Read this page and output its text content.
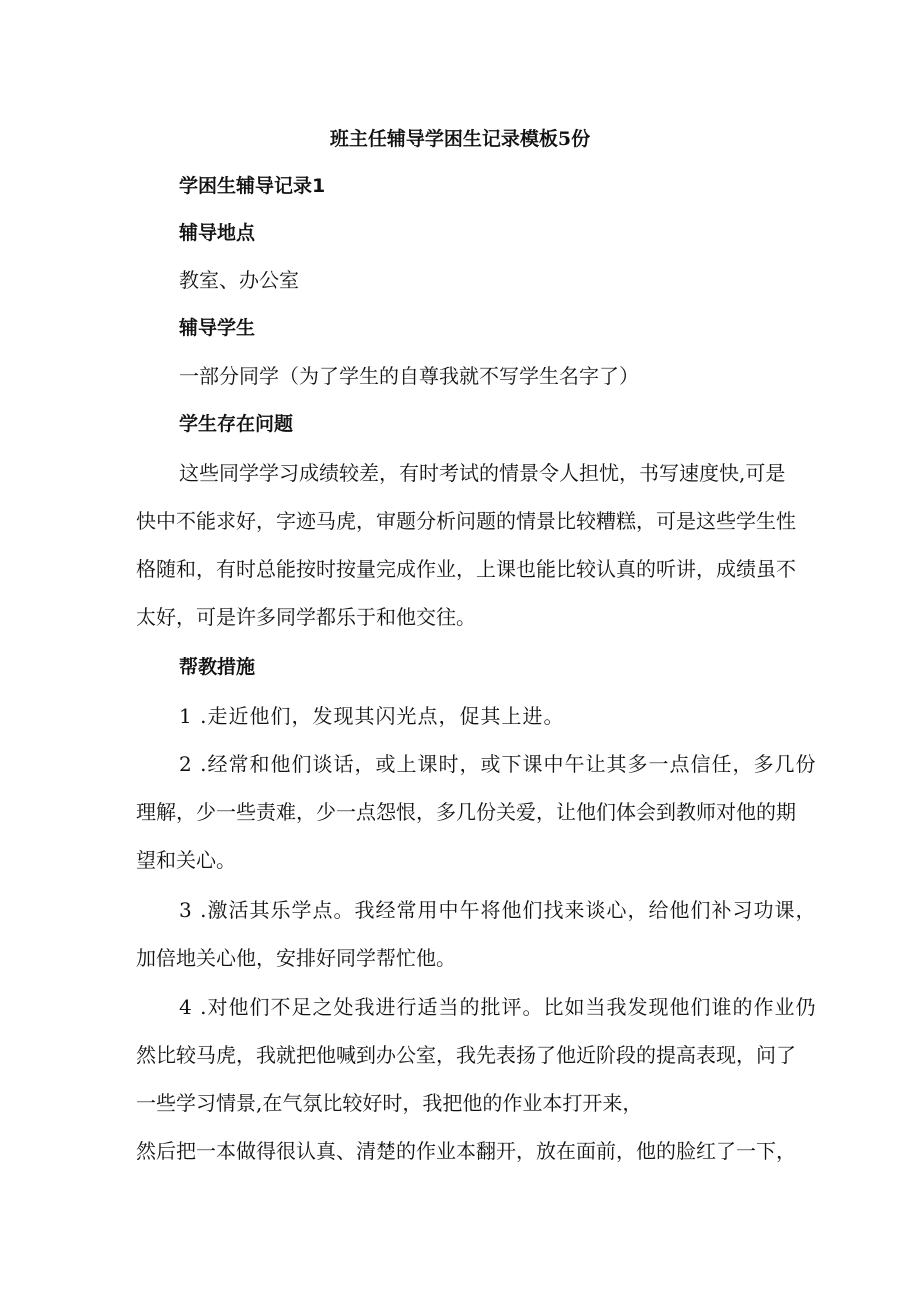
班主任辅导学困生记录模板5份

学困生辅导记录1

辅导地点

教室、办公室

辅导学生

一部分同学（为了学生的自尊我就不写学生名字了）

学生存在问题

这些同学学习成绩较差，有时考试的情景令人担忧，书写速度快,可是

快中不能求好，字迹马虎，审题分析问题的情景比较糟糕，可是这些学生性

格随和，有时总能按时按量完成作业，上课也能比较认真的听讲，成绩虽不

太好，可是许多同学都乐于和他交往。

帮教措施

1 .走近他们，发现其闪光点，促其上进。

2 .经常和他们谈话，或上课时，或下课中午让其多一点信任，多几份

理解，少一些责难，少一点怨恨，多几份关爱，让他们体会到教师对他的期

望和关心。

3 .激活其乐学点。我经常用中午将他们找来谈心，给他们补习功课，

加倍地关心他，安排好同学帮忙他。

4 .对他们不足之处我进行适当的批评。比如当我发现他们谁的作业仍

然比较马虎，我就把他喊到办公室，我先表扬了他近阶段的提高表现，问了

一些学习情景,在气氛比较好时，我把他的作业本打开来，

然后把一本做得很认真、清楚的作业本翻开，放在面前，他的脸红了一下，
